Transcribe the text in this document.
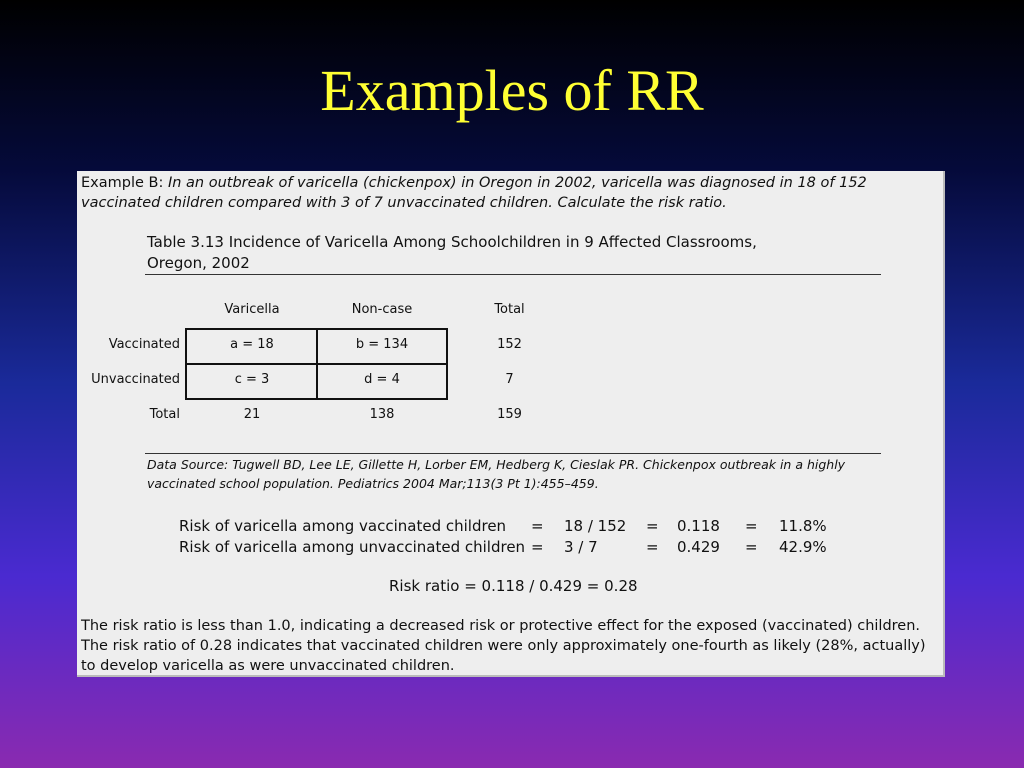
Examples of RR
Example B: In an outbreak of varicella (chickenpox) in Oregon in 2002, varicella was diagnosed in 18 of 152
vaccinated children compared with 3 of 7 unvaccinated children. Calculate the risk ratio.
Table 3.13 Incidence of Varicella Among Schoolchildren in 9 Affected Classrooms,
Oregon, 2002
Varicella	Non-case	Total
Vaccinated	a = 18	b = 134	152
Unvaccinated	c = 3	d = 4	7
Total	21	138	159
Data Source: Tugwell BD, Lee LE, Gillette H, Lorber EM, Hedberg K, Cieslak PR. Chickenpox outbreak in a highly
vaccinated school population. Pediatrics 2004 Mar;113(3 Pt 1):455–459.
Risk of varicella among vaccinated children = 18 / 152 = 0.118 = 11.8%
Risk of varicella among unvaccinated children = 3 / 7	= 0.429 = 42.9%
Risk ratio = 0.118 / 0.429 = 0.28
The risk ratio is less than 1.0, indicating a decreased risk or protective effect for the exposed (vaccinated) children.
The risk ratio of 0.28 indicates that vaccinated children were only approximately one-fourth as likely (28%, actually)
to develop varicella as were unvaccinated children.
